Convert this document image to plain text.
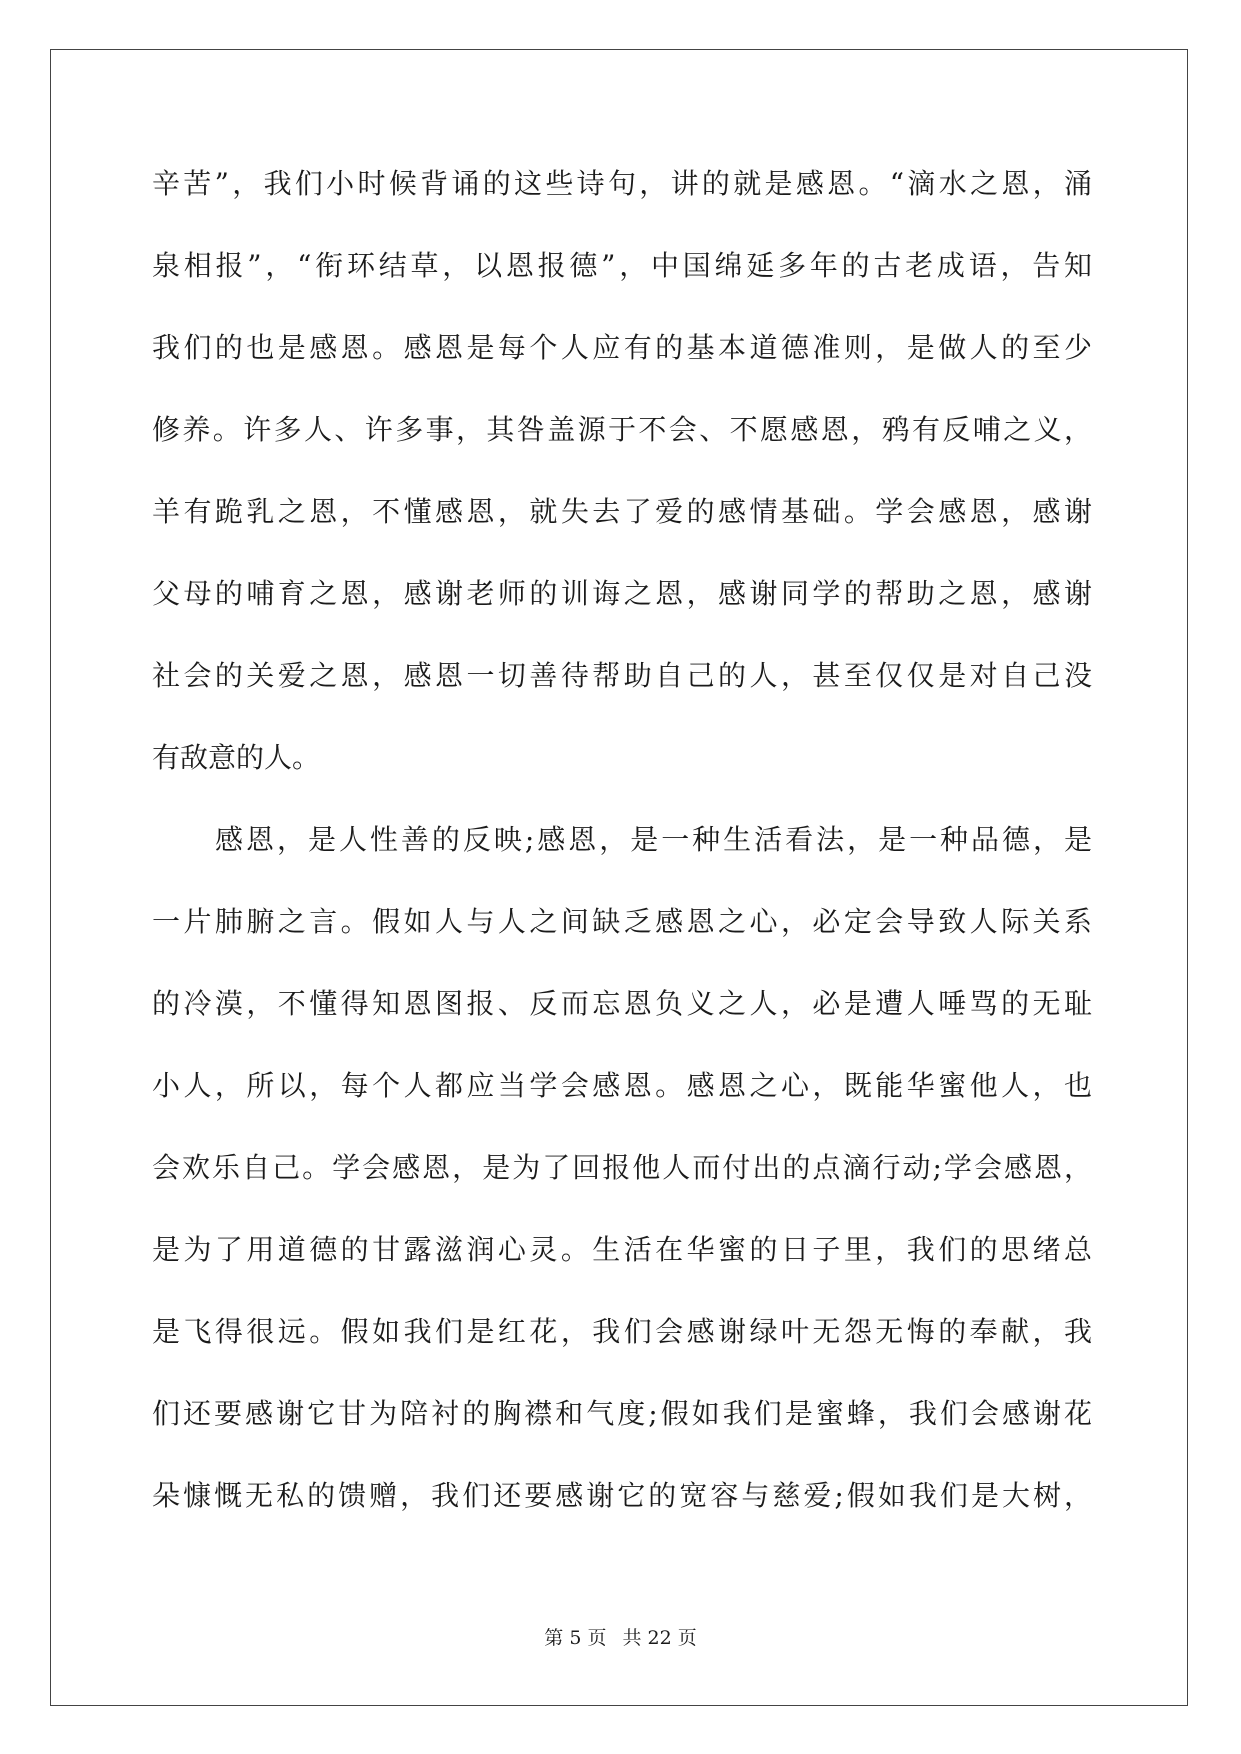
辛苦”，我们小时候背诵的这些诗句，讲的就是感恩。“滴水之恩，涌
泉相报”，“衔环结草，以恩报德”，中国绵延多年的古老成语，告知
我们的也是感恩。感恩是每个人应有的基本道德准则，是做人的至少
修养。许多人、许多事，其咎盖源于不会、不愿感恩，鸦有反哺之义，
羊有跪乳之恩，不懂感恩，就失去了爱的感情基础。学会感恩，感谢
父母的哺育之恩，感谢老师的训诲之恩，感谢同学的帮助之恩，感谢
社会的关爱之恩，感恩一切善待帮助自己的人，甚至仅仅是对自己没
有敌意的人。
感恩，是人性善的反映;感恩，是一种生活看法，是一种品德，是
一片肺腑之言。假如人与人之间缺乏感恩之心，必定会导致人际关系
的冷漠，不懂得知恩图报、反而忘恩负义之人，必是遭人唾骂的无耻
小人，所以，每个人都应当学会感恩。感恩之心，既能华蜜他人，也
会欢乐自己。学会感恩，是为了回报他人而付出的点滴行动;学会感恩，
是为了用道德的甘露滋润心灵。生活在华蜜的日子里，我们的思绪总
是飞得很远。假如我们是红花，我们会感谢绿叶无怨无悔的奉献，我
们还要感谢它甘为陪衬的胸襟和气度;假如我们是蜜蜂，我们会感谢花
朵慷慨无私的馈赠，我们还要感谢它的宽容与慈爱;假如我们是大树，
第 5 页 共 22 页
